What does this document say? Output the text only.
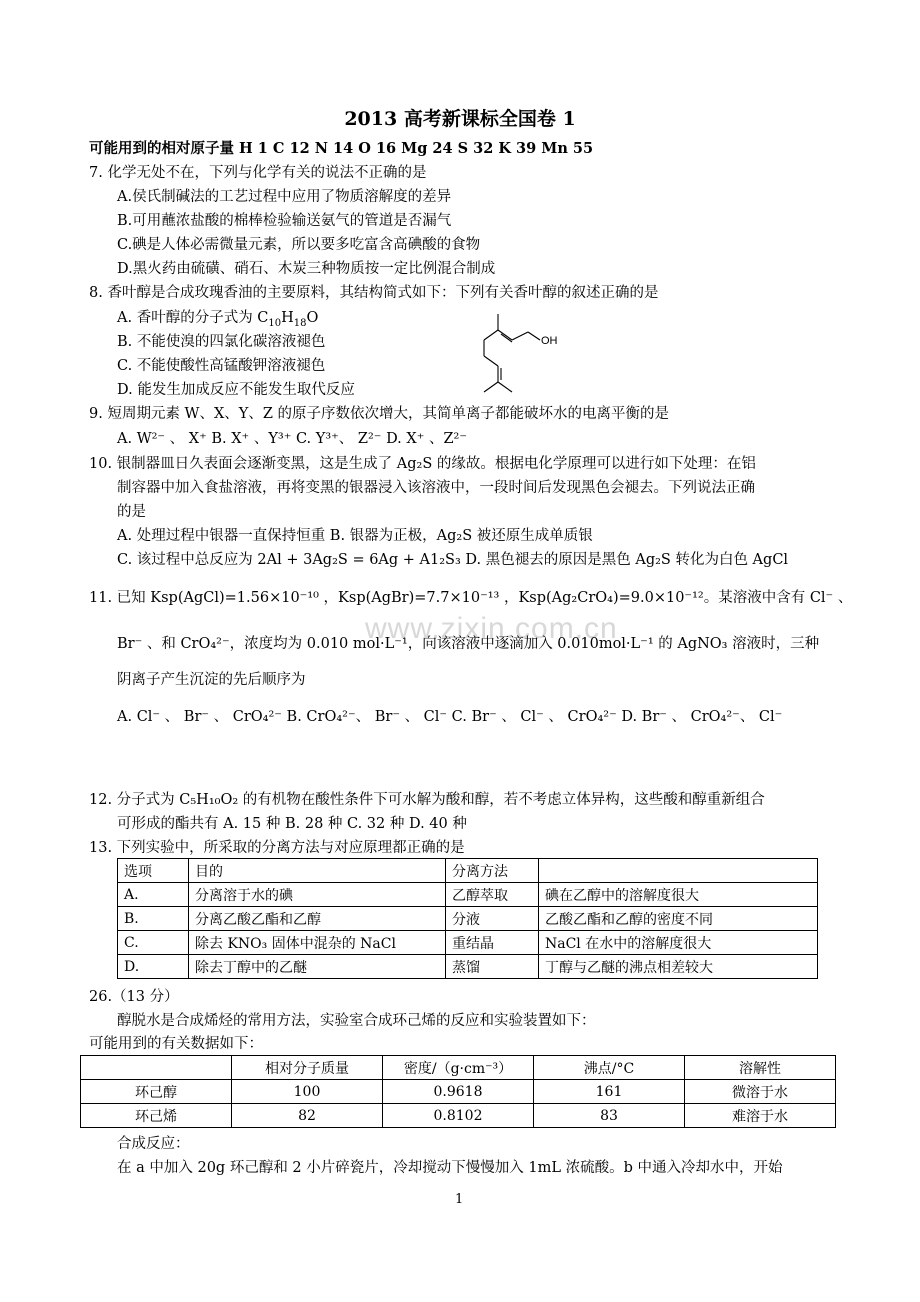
2013 高考新课标全国卷 1
可能用到的相对原子量 H 1 C 12 N 14 O 16 Mg 24 S 32 K 39 Mn 55
7. 化学无处不在，下列与化学有关的说法不正确的是
A.侯氏制碱法的工艺过程中应用了物质溶解度的差异
B.可用蘸浓盐酸的棉棒检验输送氨气的管道是否漏气
C.碘是人体必需微量元素，所以要多吃富含高碘酸的食物
D.黑火药由硫磺、硝石、木炭三种物质按一定比例混合制成
8. 香叶醇是合成玫瑰香油的主要原料，其结构简式如下：下列有关香叶醇的叙述正确的是
A. 香叶醇的分子式为 $C_{10}H_{18}O$
B. 不能使溴的四氯化碳溶液褪色
C. 不能使酸性高锰酸钾溶液褪色
D. 能发生加成反应不能发生取代反应
OH
9. 短周期元素 W、X、Y、Z 的原子序数依次增大，其简单离子都能破坏水的电离平衡的是
A. W²⁻ 、 X⁺ B. X⁺ 、Y³⁺ C. Y³⁺、 Z²⁻ D. X⁺ 、Z²⁻
10. 银制器皿日久表面会逐渐变黑，这是生成了 Ag₂S 的缘故。根据电化学原理可以进行如下处理：在铝
制容器中加入食盐溶液，再将变黑的银器浸入该溶液中，一段时间后发现黑色会褪去。下列说法正确
的是
A. 处理过程中银器一直保持恒重 B. 银器为正极，Ag₂S 被还原生成单质银
C. 该过程中总反应为 2Al + 3Ag₂S = 6Ag + A1₂S₃ D. 黑色褪去的原因是黑色 Ag₂S 转化为白色 AgCl
11. 已知 Ksp(AgCl)=1.56×10⁻¹⁰ ，Ksp(AgBr)=7.7×10⁻¹³ ，Ksp(Ag₂CrO₄)=9.0×10⁻¹²。某溶液中含有 Cl⁻ 、
www.zixin.com.cn
Br⁻ 、和 CrO₄²⁻，浓度均为 0.010 mol·L⁻¹，向该溶液中逐滴加入 0.010mol·L⁻¹ 的 AgNO₃ 溶液时，三种
阴离子产生沉淀的先后顺序为
A. Cl⁻ 、 Br⁻ 、 CrO₄²⁻ B. CrO₄²⁻、 Br⁻ 、 Cl⁻ C. Br⁻ 、 Cl⁻ 、 CrO₄²⁻ D. Br⁻ 、 CrO₄²⁻、 Cl⁻
12. 分子式为 C₅H₁₀O₂ 的有机物在酸性条件下可水解为酸和醇，若不考虑立体异构，这些酸和醇重新组合
可形成的酯共有 A. 15 种 B. 28 种 C. 32 种 D. 40 种
13. 下列实验中，所采取的分离方法与对应原理都正确的是
选项	目的	分离方法	
A.	分离溶于水的碘	乙醇萃取	碘在乙醇中的溶解度很大
B.	分离乙酸乙酯和乙醇	分液	乙酸乙酯和乙醇的密度不同
C.	除去 KNO₃ 固体中混杂的 NaCl	重结晶	NaCl 在水中的溶解度很大
D.	除去丁醇中的乙醚	蒸馏	丁醇与乙醚的沸点相差较大
26.（13 分）
醇脱水是合成烯烃的常用方法，实验室合成环己烯的反应和实验装置如下：
可能用到的有关数据如下：
	相对分子质量	密度/（g·cm⁻³）	沸点/°C	溶解性
环己醇	100	0.9618	161	微溶于水
环己烯	82	0.8102	83	难溶于水
合成反应：
在 a 中加入 20g 环己醇和 2 小片碎瓷片，冷却搅动下慢慢加入 1mL 浓硫酸。b 中通入冷却水中，开始
1
